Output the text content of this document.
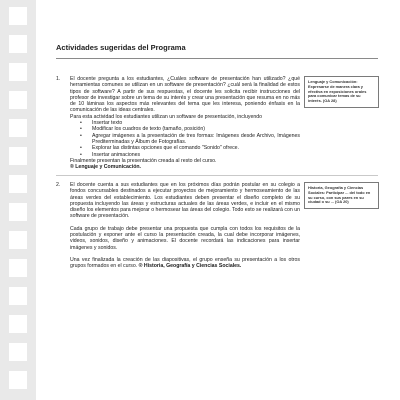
Actividades sugeridas del Programa
1. El docente pregunta a los estudiantes, ¿Cuáles software de presentación han utilizado? ¿qué herramientas comunes se utilizan en un software de presentación? ¿cuál será la finalidad de estos tipos de software? A partir de sus respuestas, el docente les solicita recibir instrucciones del profesor de investigar sobre un tema de su interés y crear una presentación que resuma en no más de 10 láminas los aspectos más relevantes del tema que les interesa, poniendo énfasis en la comunicación de las ideas centrales.

Para esta actividad los estudiantes utilizan un software de presentación, incluyendo

• Insertar texto
• Modificar los cuadros de texto (tamaño, posición)
• Agregar imágenes a la presentación de tres formas: Imágenes desde Archivo, Imágenes Prediterminadas y Álbum de Fotografías.
• Explorar las distintas opciones que el comando "Sonido" ofrece.
• Insertar animaciones

Finalmente presentan la presentación creada al resto del curso.

® Lenguaje y Comunicación.

Lenguaje y Comunicación: Expresarse de manera clara y efectiva en exposiciones orales para comunicar temas de su interés. (OA 28)
2. El docente cuenta a sus estudiantes que en los próximos días podrán postular en su colegio a fondos concursables destinados a ejecutar proyectos de mejoramiento y hermoseamiento de las áreas verdes del establecimiento. Los estudiantes deben presentar el diseño completo de su propuesta incluyendo las áreas y estructuras actuales de las áreas verdes, e incluir en el mismo diseño los elementos para mejorar o hermosear las áreas del colegio. Todo esto se realizará con un software de presentación.

Cada grupo de trabajo debe presentar una propuesta que cumpla con todos los requisitos de la postulación y exponer ante el curso la presentación creada, la cual debe incorporar imágenes, videos, sonidos, diseño y animaciones. El docente recordará las indicaciones para insertar imágenes y sonidos.

Una vez finalizada la creación de las diapositivas, el grupo enseña su presentación a los otros grupos formados en el curso. ® Historia, Geografía y Ciencias Sociales.

Historia, Geografía y Ciencias Sociales: Participar ... del todo en su curso, con sus pares en su ciudad o su ... (OA 20)
